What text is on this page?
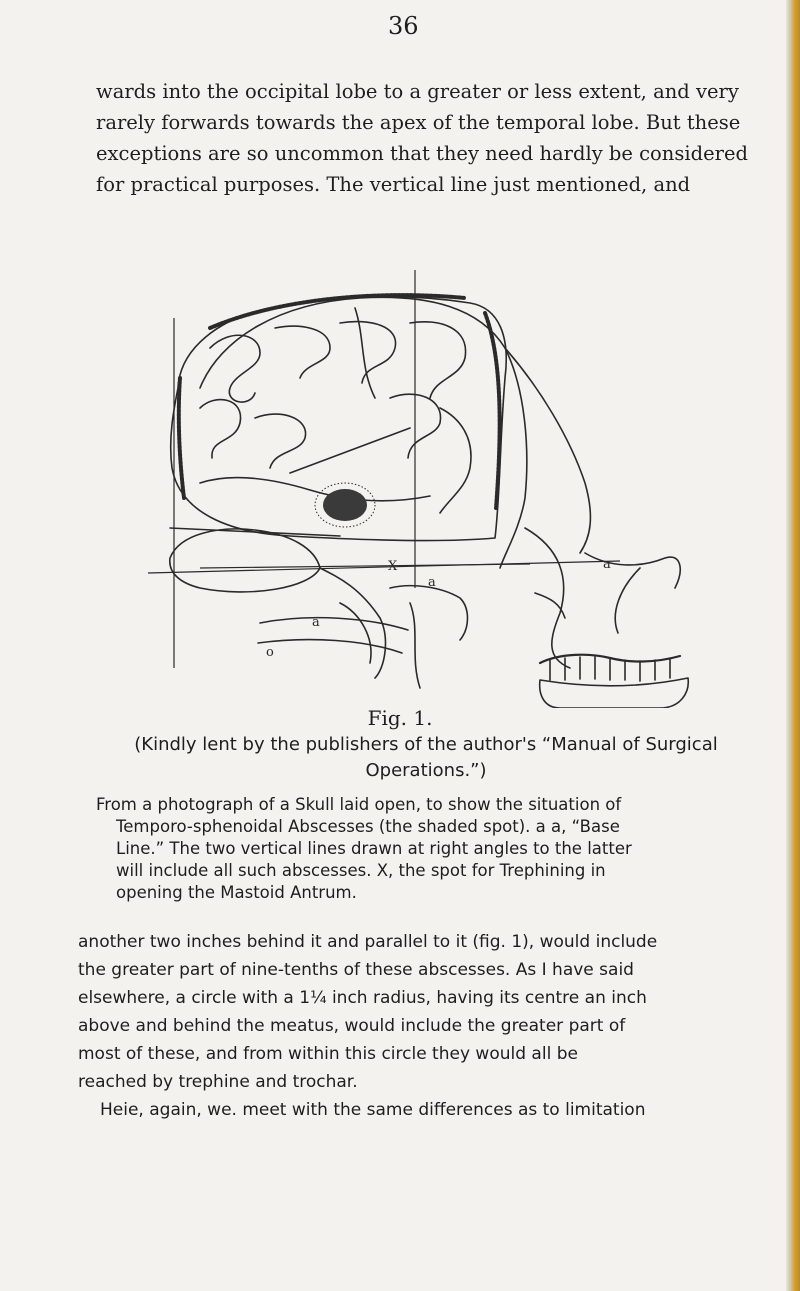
36
wards into the occipital lobe to a greater or less extent, and very
rarely forwards towards the apex of the temporal lobe. But these
exceptions are so uncommon that they need hardly be considered
for practical purposes. The vertical line just mentioned, and
X
a
a
a
o
Fig. 1.
(Kindly lent by the publishers of the author's “Manual of Surgical
Operations.”)
From a photograph of a Skull laid open, to show the situation of
Temporo-sphenoidal Abscesses (the shaded spot). a a, “Base
Line.” The two vertical lines drawn at right angles to the latter
will include all such abscesses. X, the spot for Trephining in
opening the Mastoid Antrum.
another two inches behind it and parallel to it (fig. 1), would include
the greater part of nine-tenths of these abscesses. As I have said
elsewhere, a circle with a 1¼ inch radius, having its centre an inch
above and behind the meatus, would include the greater part of
most of these, and from within this circle they would all be
reached by trephine and trochar.
Heie, again, we. meet with the same differences as to limitation
